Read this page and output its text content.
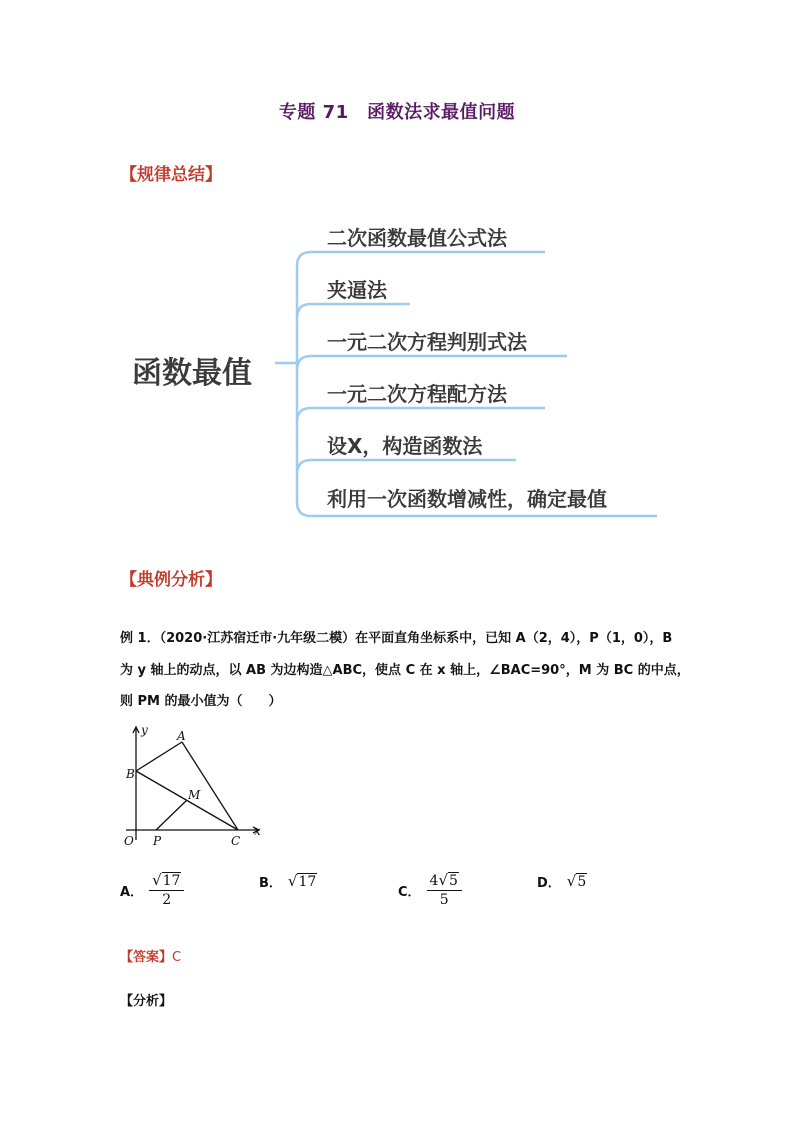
专题 71　函数法求最值问题
【规律总结】
函数最值
二次函数最值公式法
夹逼法
一元二次方程判别式法
一元二次方程配方法
设X，构造函数法
利用一次函数增减性，确定最值
【典例分析】
例 1．（2020·江苏宿迁市·九年级二模）在平面直角坐标系中，已知 A（2，4），P（1，0），B
为 y 轴上的动点，以 AB 为边构造△ABC，使点 C 在 x 轴上，∠BAC=90°，M 为 BC 的中点，
则 PM 的最小值为（　　）
y
x
A
B
M
O P	C
A． $\frac{√ 17}{2}$	B． √ 17
C． $\frac{4 √ 5}{5}$	D． √ 5
【答案】C
【分析】
